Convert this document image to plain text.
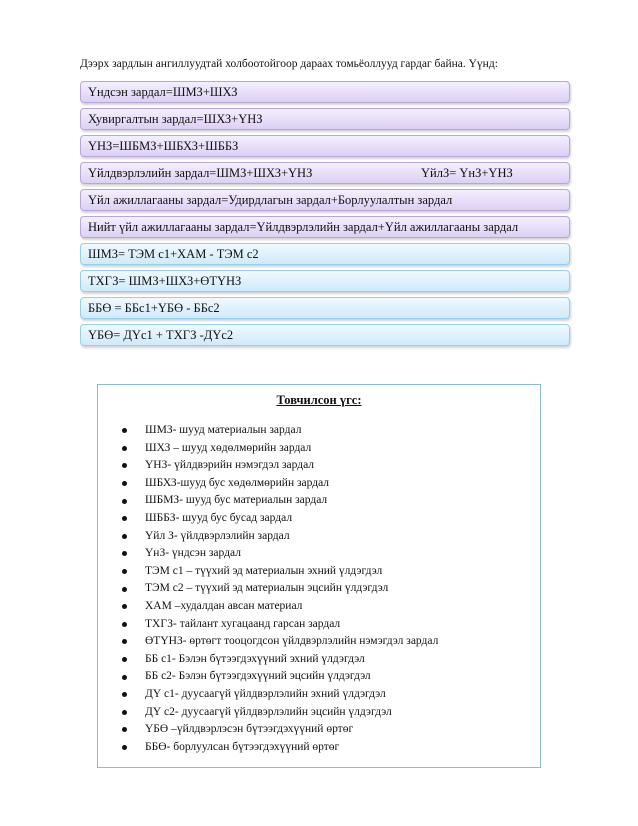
Дээрх зардлын ангиллуудтай холбоотойгоор дараах томьёоллууд гардаг байна. Үүнд:
Үндсэн зардал=ШМЗ+ШХЗ
Хувиргалтын зардал=ШХЗ+ҮНЗ
ҮНЗ=ШБМЗ+ШБХЗ+ШББЗ
Үйлдвэрлэлийн зардал=ШМЗ+ШХЗ+ҮНЗ	ҮйлЗ= ҮнЗ+ҮНЗ
Үйл ажиллагааны зардал=Удирдлагын зардал+Борлуулалтын зардал
Нийт үйл ажиллагааны зардал=Үйлдвэрлэлийн зардал+Үйл ажиллагааны зардал
ШМЗ= ТЭМ с1+ХАМ - ТЭМ с2
ТХГЗ= ШМЗ+ШХЗ+ӨТҮНЗ
ББӨ = ББс1+ҮБӨ - ББс2
ҮБӨ= ДҮс1 + ТХГЗ -ДҮс2
Товчилсон үгс:
ШМЗ- шууд материалын зардал
ШХЗ – шууд хөдөлмөрийн зардал
ҮНЗ- үйлдвэрийн нэмэгдэл зардал
ШБХЗ-шууд бус хөдөлмөрийн зардал
ШБМЗ- шууд бус материалын зардал
ШББЗ- шууд бус бусад зардал
Үйл З- үйлдвэрлэлийн зардал
ҮнЗ- үндсэн зардал
ТЭМ с1 – түүхий эд материалын эхний үлдэгдэл
ТЭМ с2 – түүхий эд материалын эцсийн үлдэгдэл
ХАМ –худалдан авсан материал
ТХГЗ- тайлант хугацаанд гарсан зардал
ӨТҮНЗ- өртөгт тооцогдсон үйлдвэрлэлийн нэмэгдэл зардал
ББ с1- Бэлэн бүтээгдэхүүний эхний үлдэгдэл
ББ с2- Бэлэн бүтээгдэхүүний эцсийн үлдэгдэл
ДҮ с1- дуусаагүй үйлдвэрлэлийн эхний үлдэгдэл
ДҮ с2- дуусаагүй үйлдвэрлэлийн эцсийн үлдэгдэл
ҮБӨ –үйлдвэрлэсэн бүтээгдэхүүний өртөг
ББӨ- борлуулсан бүтээгдэхүүний өртөг
